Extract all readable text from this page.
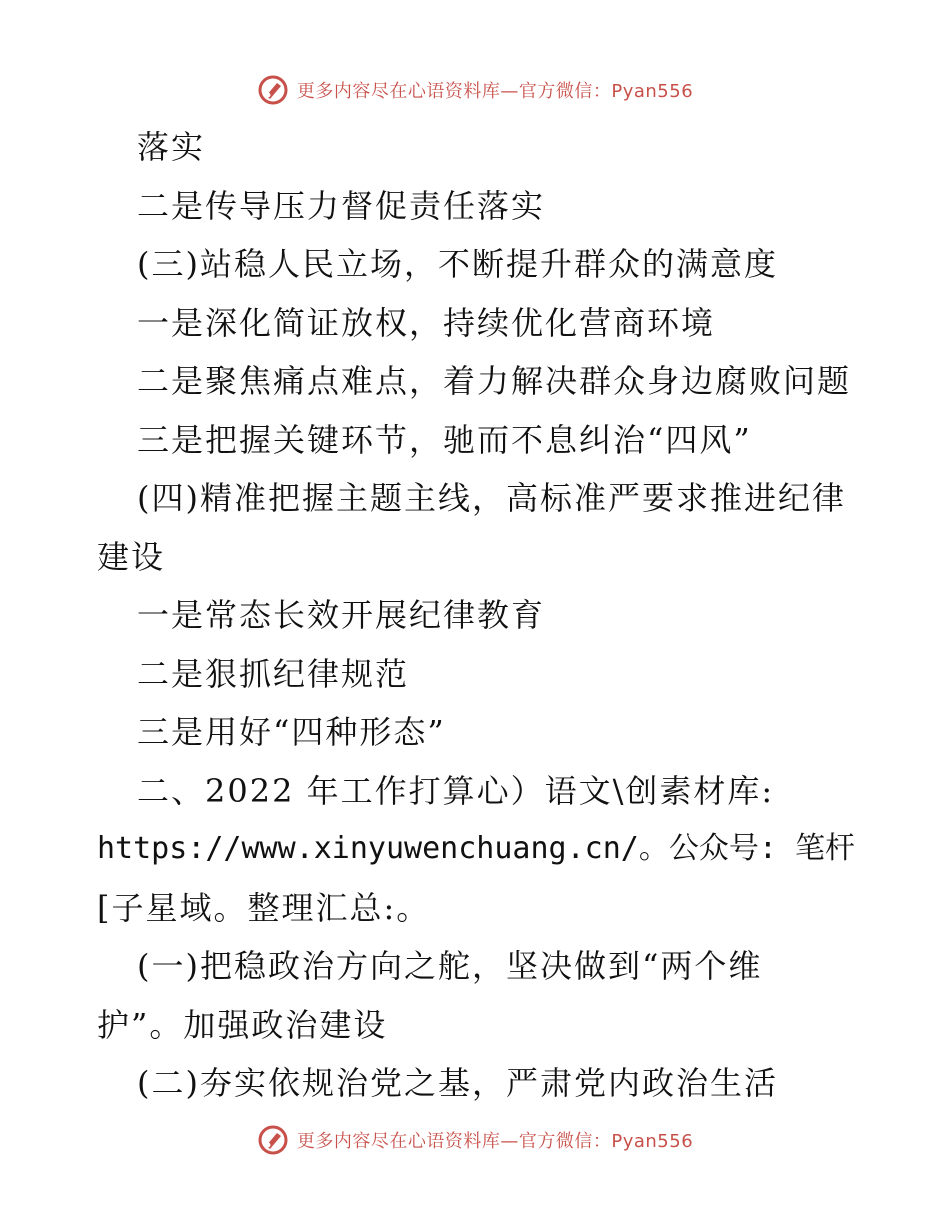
更多内容尽在心语资料库—官方微信：Pyan556
落实
二是传导压力督促责任落实
(三)站稳人民立场，不断提升群众的满意度
一是深化简证放权，持续优化营商环境
二是聚焦痛点难点，着力解决群众身边腐败问题
三是把握关键环节，驰而不息纠治“四风”
(四)精准把握主题主线，高标准严要求推进纪律
建设
一是常态长效开展纪律教育
二是狠抓纪律规范
三是用好“四种形态”
二、2022 年工作打算心）语文\创素材库:
https://www.xinyuwenchuang.cn/。公众号: 笔杆
[子星域。整理汇总:。
(一)把稳政治方向之舵，坚决做到“两个维
护”。加强政治建设
(二)夯实依规治党之基，严肃党内政治生活
更多内容尽在心语资料库—官方微信：Pyan556
